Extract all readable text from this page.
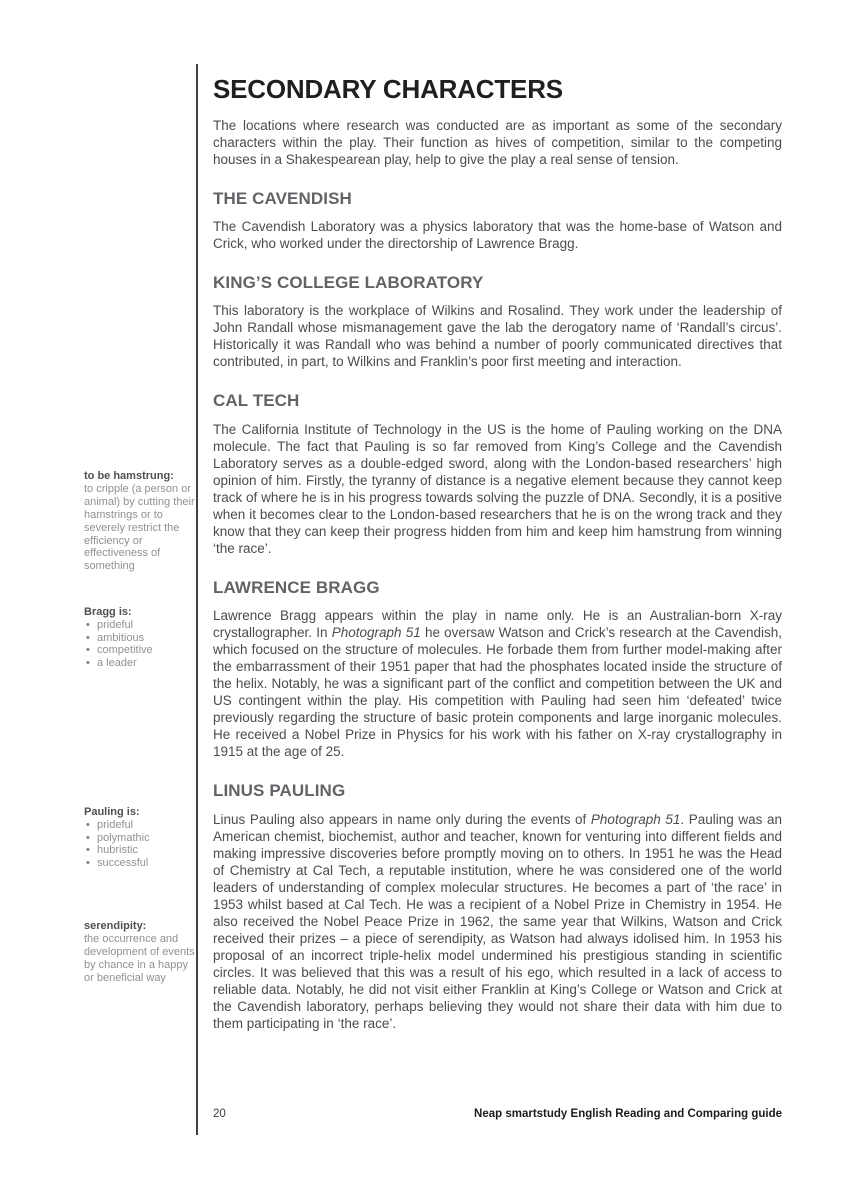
to be hamstrung:
to cripple (a person or animal) by cutting their hamstrings or to severely restrict the efficiency or effectiveness of something
Bragg is:
• prideful
• ambitious
• competitive
• a leader
Pauling is:
• prideful
• polymathic
• hubristic
• successful
serendipity:
the occurrence and development of events by chance in a happy or beneficial way
SECONDARY CHARACTERS

The locations where research was conducted are as important as some of the secondary characters within the play. Their function as hives of competition, similar to the competing houses in a Shakespearean play, help to give the play a real sense of tension.

THE CAVENDISH

The Cavendish Laboratory was a physics laboratory that was the home-base of Watson and Crick, who worked under the directorship of Lawrence Bragg.

KING’S COLLEGE LABORATORY

This laboratory is the workplace of Wilkins and Rosalind. They work under the leadership of John Randall whose mismanagement gave the lab the derogatory name of ‘Randall’s circus’. Historically it was Randall who was behind a number of poorly communicated directives that contributed, in part, to Wilkins and Franklin’s poor first meeting and interaction.

CAL TECH

The California Institute of Technology in the US is the home of Pauling working on the DNA molecule. The fact that Pauling is so far removed from King’s College and the Cavendish Laboratory serves as a double-edged sword, along with the London-based researchers’ high opinion of him. Firstly, the tyranny of distance is a negative element because they cannot keep track of where he is in his progress towards solving the puzzle of DNA. Secondly, it is a positive when it becomes clear to the London-based researchers that he is on the wrong track and they know that they can keep their progress hidden from him and keep him hamstrung from winning ‘the race’.

LAWRENCE BRAGG

Lawrence Bragg appears within the play in name only. He is an Australian-born X-ray crystallographer. In Photograph 51 he oversaw Watson and Crick’s research at the Cavendish, which focused on the structure of molecules. He forbade them from further model-making after the embarrassment of their 1951 paper that had the phosphates located inside the structure of the helix. Notably, he was a significant part of the conflict and competition between the UK and US contingent within the play. His competition with Pauling had seen him ‘defeated’ twice previously regarding the structure of basic protein components and large inorganic molecules. He received a Nobel Prize in Physics for his work with his father on X-ray crystallography in 1915 at the age of 25.

LINUS PAULING

Linus Pauling also appears in name only during the events of Photograph 51. Pauling was an American chemist, biochemist, author and teacher, known for venturing into different fields and making impressive discoveries before promptly moving on to others. In 1951 he was the Head of Chemistry at Cal Tech, a reputable institution, where he was considered one of the world leaders of understanding of complex molecular structures. He becomes a part of ‘the race’ in 1953 whilst based at Cal Tech. He was a recipient of a Nobel Prize in Chemistry in 1954. He also received the Nobel Peace Prize in 1962, the same year that Wilkins, Watson and Crick received their prizes – a piece of serendipity, as Watson had always idolised him. In 1953 his proposal of an incorrect triple-helix model undermined his prestigious standing in scientific circles. It was believed that this was a result of his ego, which resulted in a lack of access to reliable data. Notably, he did not visit either Franklin at King’s College or Watson and Crick at the Cavendish laboratory, perhaps believing they would not share their data with him due to them participating in ‘the race’.

20	Neap smartstudy English Reading and Comparing guide
